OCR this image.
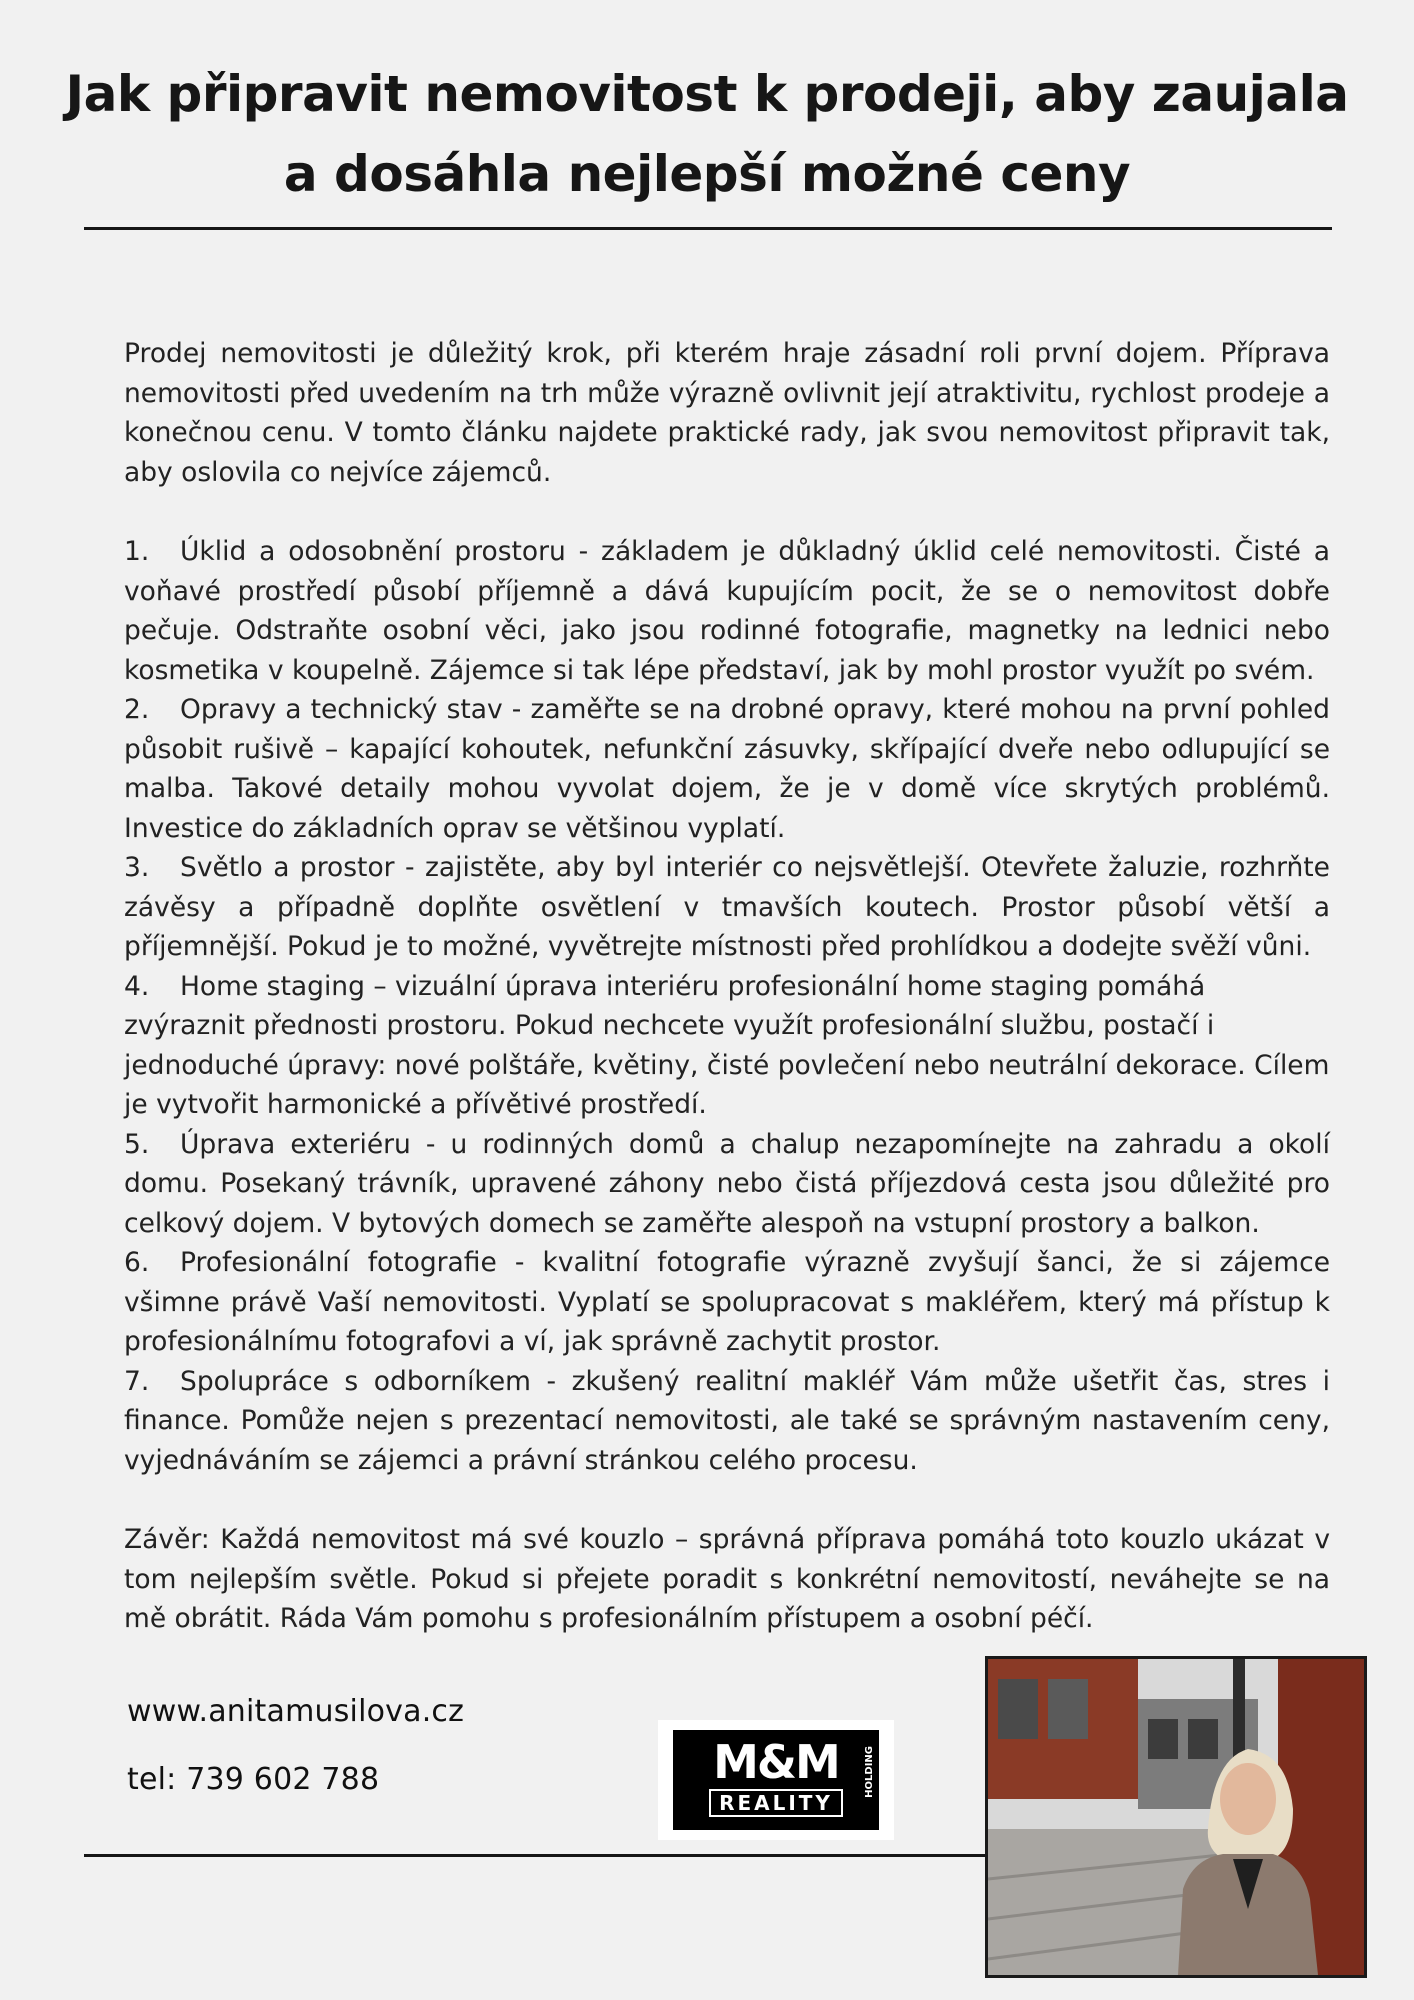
Jak připravit nemovitost k prodeji, aby zaujala a dosáhla nejlepší možné ceny

Prodej nemovitosti je důležitý krok, při kterém hraje zásadní roli první dojem. Příprava nemovitosti před uvedením na trh může výrazně ovlivnit její atraktivitu, rychlost prodeje a konečnou cenu. V tomto článku najdete praktické rady, jak svou nemovitost připravit tak, aby oslovila co nejvíce zájemců.

1. Úklid a odosobnění prostoru - základem je důkladný úklid celé nemovitosti. Čisté a voňavé prostředí působí příjemně a dává kupujícím pocit, že se o nemovitost dobře pečuje. Odstraňte osobní věci, jako jsou rodinné fotografie, magnetky na lednici nebo kosmetika v koupelně. Zájemce si tak lépe představí, jak by mohl prostor využít po svém.
2. Opravy a technický stav - zaměřte se na drobné opravy, které mohou na první pohled působit rušivě – kapající kohoutek, nefunkční zásuvky, skřípající dveře nebo odlupující se malba. Takové detaily mohou vyvolat dojem, že je v domě více skrytých problémů. Investice do základních oprav se většinou vyplatí.
3. Světlo a prostor - zajistěte, aby byl interiér co nejsvětlejší. Otevřete žaluzie, rozhrňte závěsy a případně doplňte osvětlení v tmavších koutech. Prostor působí větší a příjemnější. Pokud je to možné, vyvětrejte místnosti před prohlídkou a dodejte svěží vůni.
4. Home staging – vizuální úprava interiéru profesionální home staging pomáhá zvýraznit přednosti prostoru. Pokud nechcete využít profesionální službu, postačí i jednoduché úpravy: nové polštáře, květiny, čisté povlečení nebo neutrální dekorace. Cílem je vytvořit harmonické a přívětivé prostředí.
5. Úprava exteriéru - u rodinných domů a chalup nezapomínejte na zahradu a okolí domu. Posekaný trávník, upravené záhony nebo čistá příjezdová cesta jsou důležité pro celkový dojem. V bytových domech se zaměřte alespoň na vstupní prostory a balkon.
6. Profesionální fotografie - kvalitní fotografie výrazně zvyšují šanci, že si zájemce všimne právě Vaší nemovitosti. Vyplatí se spolupracovat s makléřem, který má přístup k profesionálnímu fotografovi a ví, jak správně zachytit prostor.
7. Spolupráce s odborníkem - zkušený realitní makléř Vám může ušetřit čas, stres i finance. Pomůže nejen s prezentací nemovitosti, ale také se správným nastavením ceny, vyjednáváním se zájemci a právní stránkou celého procesu.

Závěr: Každá nemovitost má své kouzlo – správná příprava pomáhá toto kouzlo ukázat v tom nejlepším světle. Pokud si přejete poradit s konkrétní nemovitostí, neváhejte se na mě obrátit. Ráda Vám pomohu s profesionálním přístupem a osobní péčí.

www.anitamusilova.cz
tel: 739 602 788	M&M
REALITY
HOLDING
